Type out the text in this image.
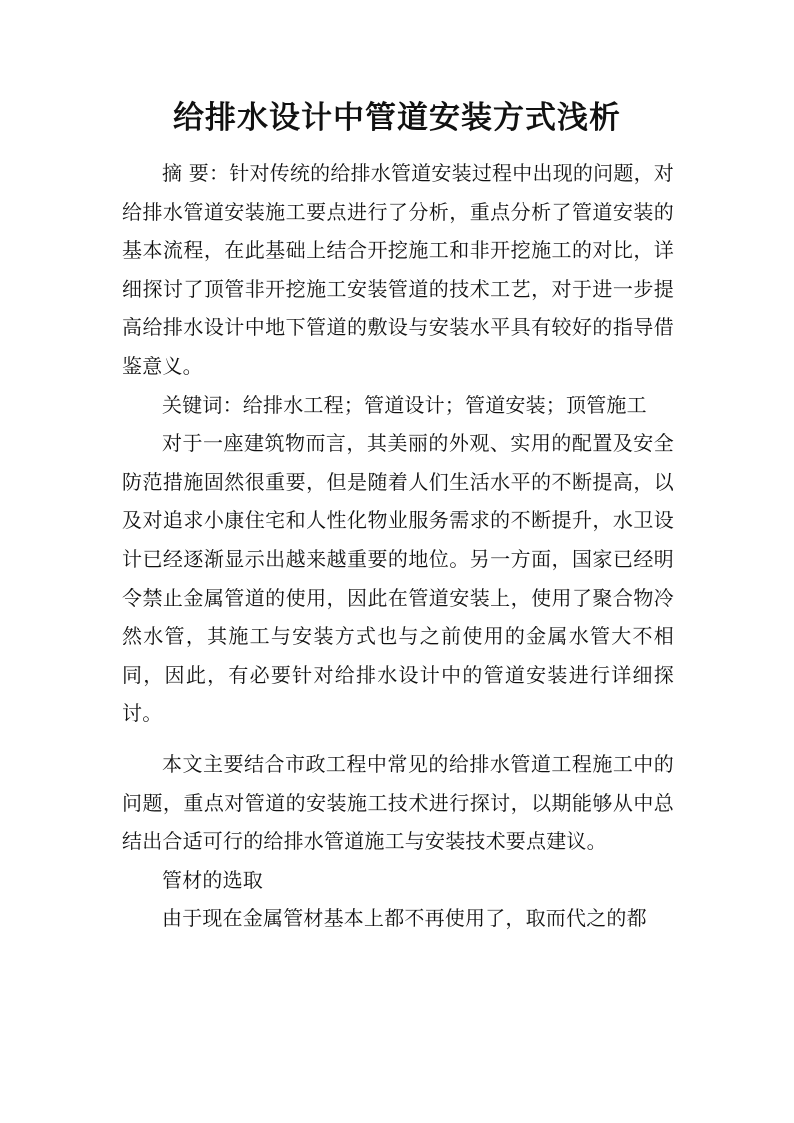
给排水设计中管道安装方式浅析

摘 要：针对传统的给排水管道安装过程中出现的问题，对给排水管道安装施工要点进行了分析，重点分析了管道安装的基本流程，在此基础上结合开挖施工和非开挖施工的对比，详细探讨了顶管非开挖施工安装管道的技术工艺，对于进一步提高给排水设计中地下管道的敷设与安装水平具有较好的指导借鉴意义。

关键词：给排水工程；管道设计；管道安装；顶管施工

对于一座建筑物而言，其美丽的外观、实用的配置及安全防范措施固然很重要，但是随着人们生活水平的不断提高，以及对追求小康住宅和人性化物业服务需求的不断提升，水卫设计已经逐渐显示出越来越重要的地位。另一方面，国家已经明令禁止金属管道的使用，因此在管道安装上，使用了聚合物冷然水管，其施工与安装方式也与之前使用的金属水管大不相同，因此，有必要针对给排水设计中的管道安装进行详细探讨。

本文主要结合市政工程中常见的给排水管道工程施工中的问题，重点对管道的安装施工技术进行探讨，以期能够从中总结出合适可行的给排水管道施工与安装技术要点建议。

管材的选取

由于现在金属管材基本上都不再使用了，取而代之的都
